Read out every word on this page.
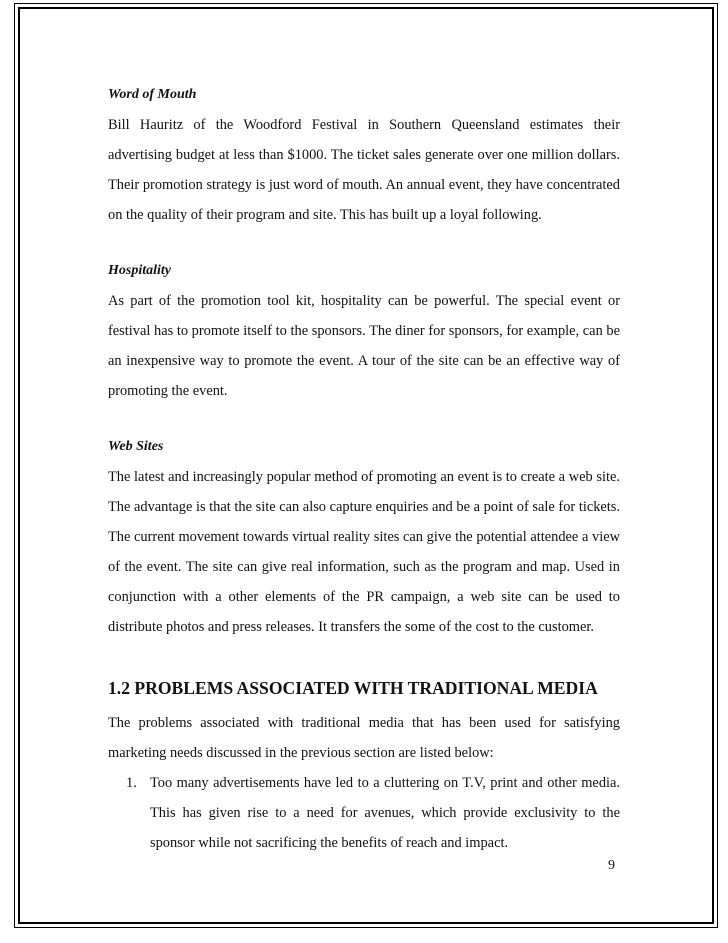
Word of Mouth

Bill Hauritz of the Woodford Festival in Southern Queensland estimates their advertising budget at less than $1000. The ticket sales generate over one million dollars. Their promotion strategy is just word of mouth. An annual event, they have concentrated on the quality of their program and site. This has built up a loyal following.

Hospitality

As part of the promotion tool kit, hospitality can be powerful. The special event or festival has to promote itself to the sponsors. The diner for sponsors, for example, can be an inexpensive way to promote the event. A tour of the site can be an effective way of promoting the event.

Web Sites

The latest and increasingly popular method of promoting an event is to create a web site. The advantage is that the site can also capture enquiries and be a point of sale for tickets. The current movement towards virtual reality sites can give the potential attendee a view of the event. The site can give real information, such as the program and map. Used in conjunction with a other elements of the PR campaign, a web site can be used to distribute photos and press releases. It transfers the some of the cost to the customer.

1.2 PROBLEMS ASSOCIATED WITH TRADITIONAL MEDIA

The problems associated with traditional media that has been used for satisfying marketing needs discussed in the previous section are listed below:

1. Too many advertisements have led to a cluttering on T.V, print and other media. This has given rise to a need for avenues, which provide exclusivity to the sponsor while not sacrificing the benefits of reach and impact.
9
